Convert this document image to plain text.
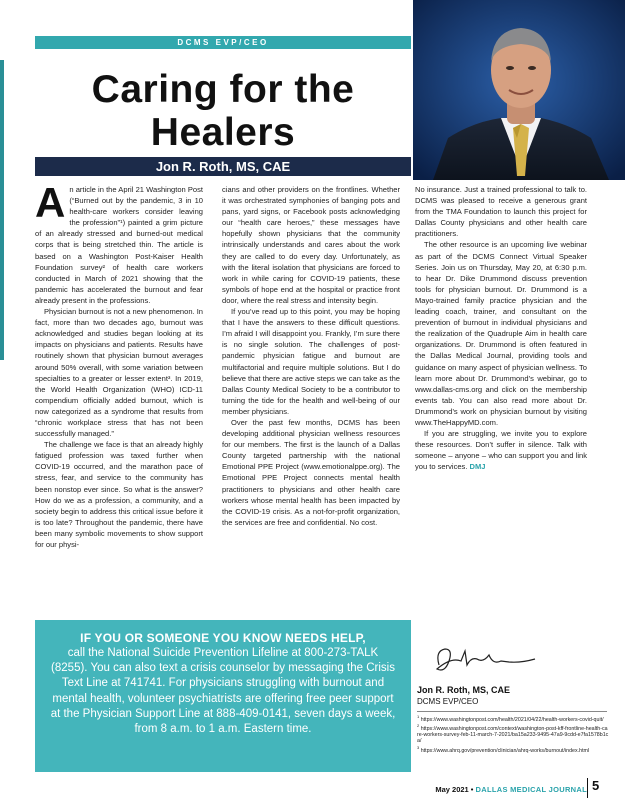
DCMS EVP/CEO
Caring for the
Healers
Jon R. Roth, MS, CAE

An article in the April 21 Washington Post (“Burned out by the pandemic, 3 in 10 health-care workers consider leaving the profession”¹) painted a grim picture of an already stressed and burned-out medical corps that is being stretched thin. The article is based on a Washington Post-Kaiser Health Foundation survey² of health care workers conducted in March of 2021 showing that the pandemic has accelerated the burnout and fear already present in the professions.

Physician burnout is not a new phenomenon. In fact, more than two decades ago, burnout was acknowledged and studies began looking at its impacts on physicians and patients. Results have routinely shown that physician burnout averages around 50% overall, with some variation between specialties to a greater or lesser extent³. In 2019, the World Health Organization (WHO) ICD-11 compendium officially added burnout, which is now categorized as a syndrome that results from “chronic workplace stress that has not been successfully managed.”

The challenge we face is that an already highly fatigued profession was taxed further when COVID-19 occurred, and the marathon pace of stress, fear, and service to the community has been nonstop ever since. So what is the answer? How do we as a profession, a community, and a society begin to address this critical issue before it is too late? Throughout the pandemic, there have been many symbolic movements to show support for our physi-

cians and other providers on the frontlines. Whether it was orchestrated symphonies of banging pots and pans, yard signs, or Facebook posts acknowledging our “health care heroes,” these messages have hopefully shown physicians that the community intrinsically understands and cares about the work they are called to do every day. Unfortunately, as with the literal isolation that physicians are forced to work in while caring for COVID-19 patients, these symbols of hope end at the hospital or practice front door, where the real stress and intensity begin.

If you’ve read up to this point, you may be hoping that I have the answers to these difficult questions. I’m afraid I will disappoint you. Frankly, I’m sure there is no single solution. The challenges of post-pandemic physician fatigue and burnout are multifactorial and require multiple solutions. But I do believe that there are active steps we can take as the Dallas County Medical Society to be a contributor to turning the tide for the health and well-being of our member physicians.

Over the past few months, DCMS has been developing additional physician wellness resources for our members. The first is the launch of a Dallas County targeted partnership with the national Emotional PPE Project (www.emotionalppe.org). The Emotional PPE Project connects mental health practitioners to physicians and other health care workers whose mental health has been impacted by the COVID-19 crisis. As a not-for-profit organization, the services are free and confidential. No cost.

No insurance. Just a trained professional to talk to. DCMS was pleased to receive a generous grant from the TMA Foundation to launch this project for Dallas County physicians and other health care practitioners.

The other resource is an upcoming live webinar as part of the DCMS Connect Virtual Speaker Series. Join us on Thursday, May 20, at 6:30 p.m. to hear Dr. Dike Drummond discuss prevention tools for physician burnout. Dr. Drummond is a Mayo-trained family practice physician and the leading coach, trainer, and consultant on the prevention of burnout in individual physicians and the realization of the Quadruple Aim in health care organizations. Dr. Drummond is often featured in the Dallas Medical Journal, providing tools and guidance on many aspect of physician wellness. To learn more about Dr. Drummond’s webinar, go to www.dallas-cms.org and click on the membership events tab. You can also read more about Dr. Drummond’s work on physician burnout by visiting www.TheHappyMD.com.

If you are struggling, we invite you to explore these resources. Don’t suffer in silence. Talk with someone – anyone – who can support you and link you to services. DMJ

IF YOU OR SOMEONE YOU KNOW NEEDS HELP,
call the National Suicide Prevention Lifeline at 800-273-TALK (8255). You can also text a crisis counselor by messaging the Crisis Text Line at 741741. For physicians struggling with burnout and mental health, volunteer psychiatrists are offering free peer support at the Physician Support Line at 888-409-0141, seven days a week, from 8 a.m. to 1 a.m. Eastern time.
Jon R. Roth, MS, CAE
DCMS EVP/CEO
$^1$ https://www.washingtonpost.com/health/2021/04/22/health-workers-covid-quit/
$^2$ https://www.washingtonpost.com/context/washington-post-kff-frontline-health-care-workers-survey-feb-11-march-7-2021/ba15a233-9495-47a9-9cdd-e7fa1578b1ca/
$^3$ https://www.ahrq.gov/prevention/clinician/ahrq-works/burnout/index.html
May 2021 • DALLAS MEDICAL JOURNAL 5
